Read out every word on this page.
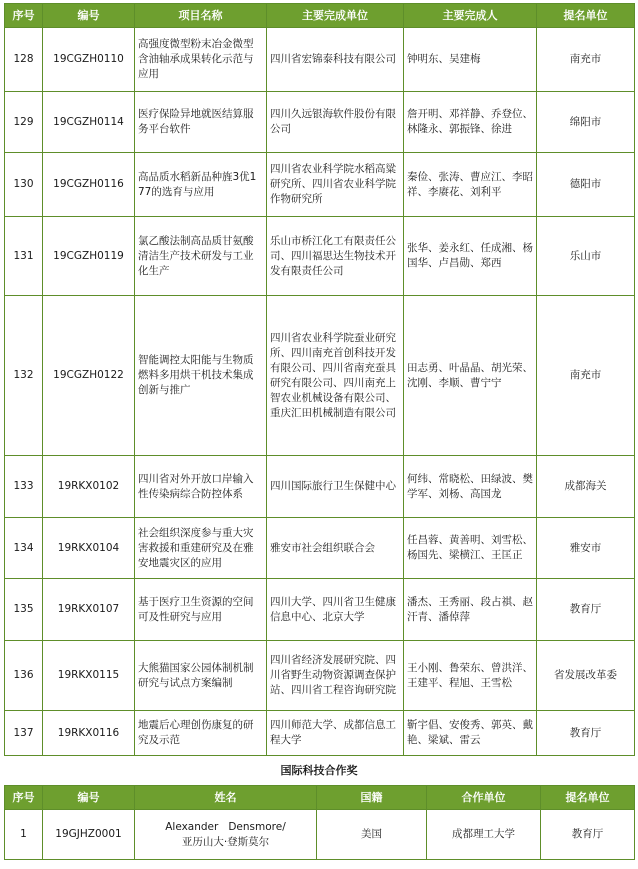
序号	编号	项目名称	主要完成单位	主要完成人	提名单位
128	19CGZH0110	高强度微型粉末冶金微型含油轴承成果转化示范与应用	四川省宏锦泰科技有限公司	钟明东、吴建梅	南充市
129	19CGZH0114	医疗保险异地就医结算服务平台软件	四川久远银海软件股份有限公司	詹开明、邓祥静、乔登位、林隆永、郭振锋、徐进	绵阳市
130	19CGZH0116	高品质水稻新品种旌3优177的选育与应用	四川省农业科学院水稻高粱研究所、四川省农业科学院作物研究所	秦俭、张涛、曹应江、李昭祥、李赓花、刘利平	德阳市
131	19CGZH0119	氯乙酸法制高品质甘氨酸清洁生产技术研发与工业化生产	乐山市桥江化工有限责任公司、四川福思达生物技术开发有限责任公司	张华、姜永红、任成湘、杨国华、卢昌勋、郑西	乐山市
132	19CGZH0122	智能调控太阳能与生物质燃料多用烘干机技术集成创新与推广	四川省农业科学院蚕业研究所、四川南充首创科技开发有限公司、四川省南充蚕具研究有限公司、四川南充上智农业机械设备有限公司、重庆汇田机械制造有限公司	田志勇、叶晶晶、胡光荣、沈刚、李顺、曹宁宁	南充市
133	19RKX0102	四川省对外开放口岸输入性传染病综合防控体系	四川国际旅行卫生保健中心	何纬、常晓松、田绿波、樊学军、刘杨、高国龙	成都海关
134	19RKX0104	社会组织深度参与重大灾害救援和重建研究及在雅安地震灾区的应用	雅安市社会组织联合会	任昌蓉、黄善明、刘雪松、杨国先、梁横江、王匡正	雅安市
135	19RKX0107	基于医疗卫生资源的空间可及性研究与应用	四川大学、四川省卫生健康信息中心、北京大学	潘杰、王秀丽、段占祺、赵汗青、潘倬萍	教育厅
136	19RKX0115	大熊猫国家公园体制机制研究与试点方案编制	四川省经济发展研究院、四川省野生动物资源调查保护站、四川省工程咨询研究院	王小刚、鲁荣东、曾洪洋、王建平、程旭、王雪松	省发展改革委
137	19RKX0116	地震后心理创伤康复的研究及示范	四川师范大学、成都信息工程大学	靳宇倡、安俊秀、郭英、戴艳、梁斌、雷云	教育厅
国际科技合作奖
序号	编号	姓名	国籍	合作单位	提名单位
1	19GJHZ0001	Alexander   Densmore/
亚历山大·登斯莫尔	美国	成都理工大学	教育厅
